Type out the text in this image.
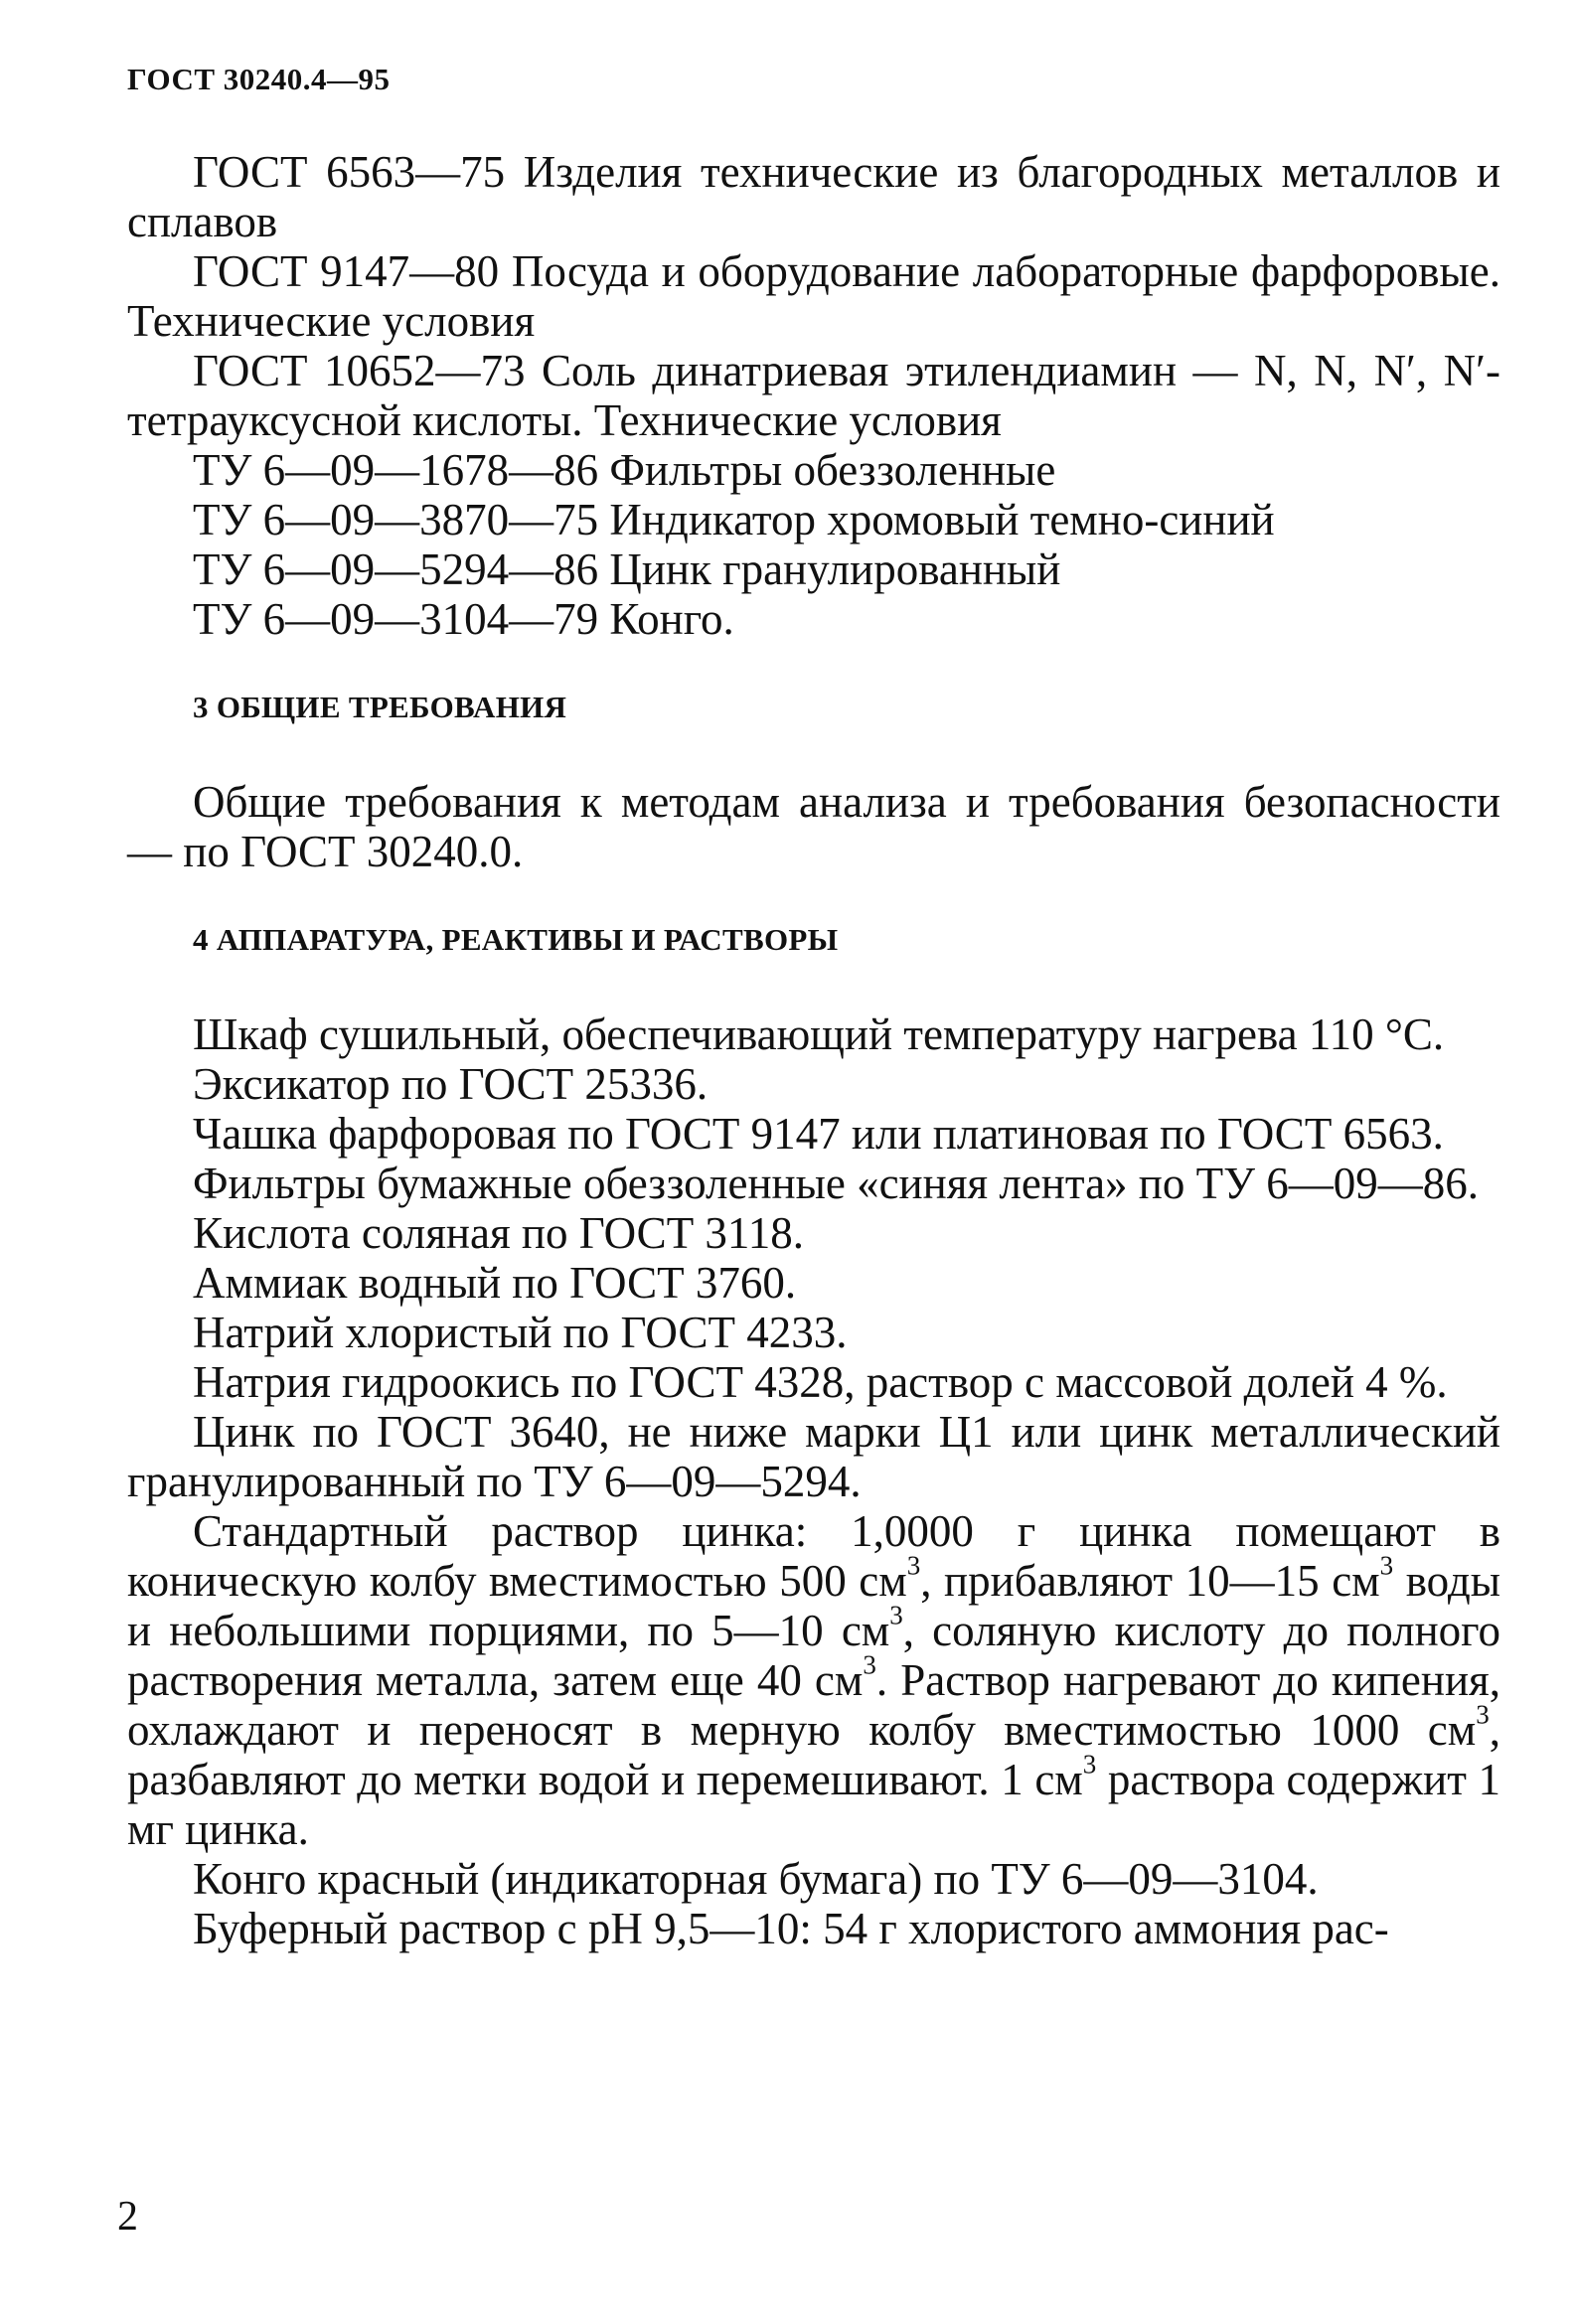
ГОСТ 30240.4—95

ГОСТ 6563—75 Изделия технические из благородных металлов и сплавов

ГОСТ 9147—80 Посуда и оборудование лабораторные фарфоровые. Технические условия

ГОСТ 10652—73 Соль динатриевая этилендиамин — N, N, N′, N′-тетрауксусной кислоты. Технические условия

ТУ 6—09—1678—86 Фильтры обеззоленные

ТУ 6—09—3870—75 Индикатор хромовый темно-синий

ТУ 6—09—5294—86 Цинк гранулированный

ТУ 6—09—3104—79 Конго.

3 ОБЩИЕ ТРЕБОВАНИЯ

Общие требования к методам анализа и требования безопасности — по ГОСТ 30240.0.

4 АППАРАТУРА, РЕАКТИВЫ И РАСТВОРЫ

Шкаф сушильный, обеспечивающий температуру нагрева 110 °С.

Эксикатор по ГОСТ 25336.

Чашка фарфоровая по ГОСТ 9147 или платиновая по ГОСТ 6563.

Фильтры бумажные обеззоленные «синяя лента» по ТУ 6—09—86.

Кислота соляная по ГОСТ 3118.

Аммиак водный по ГОСТ 3760.

Натрий хлористый по ГОСТ 4233.

Натрия гидроокись по ГОСТ 4328, раствор с массовой долей 4 %.

Цинк по ГОСТ 3640, не ниже марки Ц1 или цинк металлический гранулированный по ТУ 6—09—5294.

Стандартный раствор цинка: 1,0000 г цинка помещают в коническую колбу вместимостью 500 $см^3$, прибавляют 10—15 $см^3$ воды и небольшими порциями, по 5—10 $см^3$, соляную кислоту до полного растворения металла, затем еще 40 $см^3$. Раствор нагревают до кипения, охлаждают и переносят в мерную колбу вместимостью 1000 $см^3$, разбавляют до метки водой и перемешивают. 1 $см^3$ раствора содержит 1 мг цинка.

Конго красный (индикаторная бумага) по ТУ 6—09—3104.

Буферный раствор с рН 9,5—10: 54 г хлористого аммония рас-

2
